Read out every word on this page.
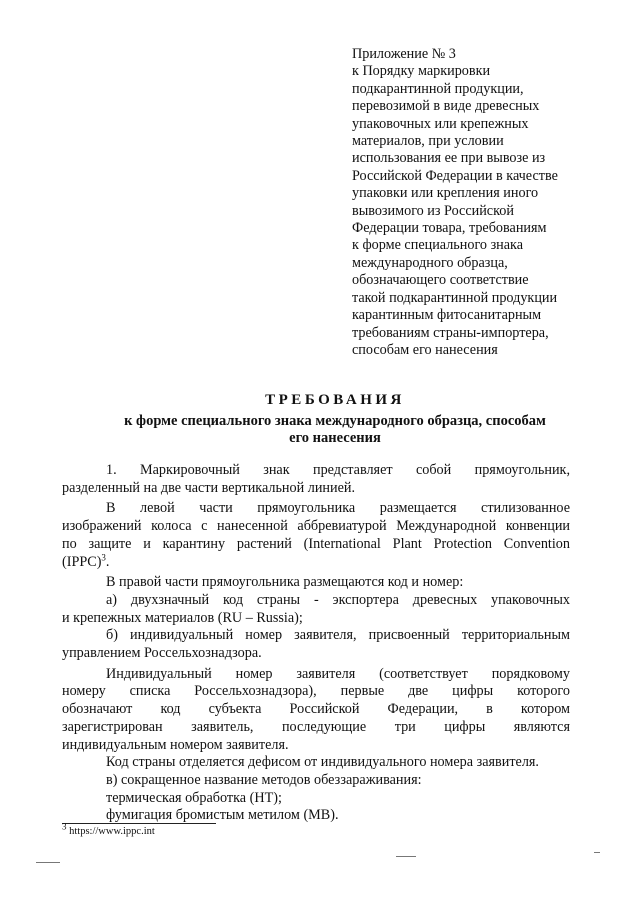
Приложение № 3
к Порядку маркировки
подкарантинной продукции,
перевозимой в виде древесных
упаковочных или крепежных
материалов, при условии
использования ее при вывозе из
Российской Федерации в качестве
упаковки или крепления иного
вывозимого из Российской
Федерации товара, требованиям
к форме специального знака
международного образца,
обозначающего соответствие
такой подкарантинной продукции
карантинным фитосанитарным
требованиям страны-импортера,
способам его нанесения
ТРЕБОВАНИЯ
к форме специального знака международного образца, способам
его нанесения

1. Маркировочный знак представляет собой прямоугольник,

разделенный на две части вертикальной линией.

В левой части прямоугольника размещается стилизованное

изображений колоса с нанесенной аббревиатурой Международной конвенции

по защите и карантину растений (International Plant Protection Convention

(IPPC)$^3$.

В правой части прямоугольника размещаются код и номер:

а) двухзначный код страны - экспортера древесных упаковочных

и крепежных материалов (RU – Russia);

б) индивидуальный номер заявителя, присвоенный территориальным

управлением Россельхознадзора.

Индивидуальный номер заявителя (соответствует порядковому

номеру списка Россельхознадзора), первые две цифры которого

обозначают код субъекта Российской Федерации, в котором

зарегистрирован заявитель, последующие три цифры являются

индивидуальным номером заявителя.

Код страны отделяется дефисом от индивидуального номера заявителя.

в) сокращенное название методов обеззараживания:

термическая обработка (НТ);

фумигация бромистым метилом (MB).

$^3$ https://www.ippc.int
